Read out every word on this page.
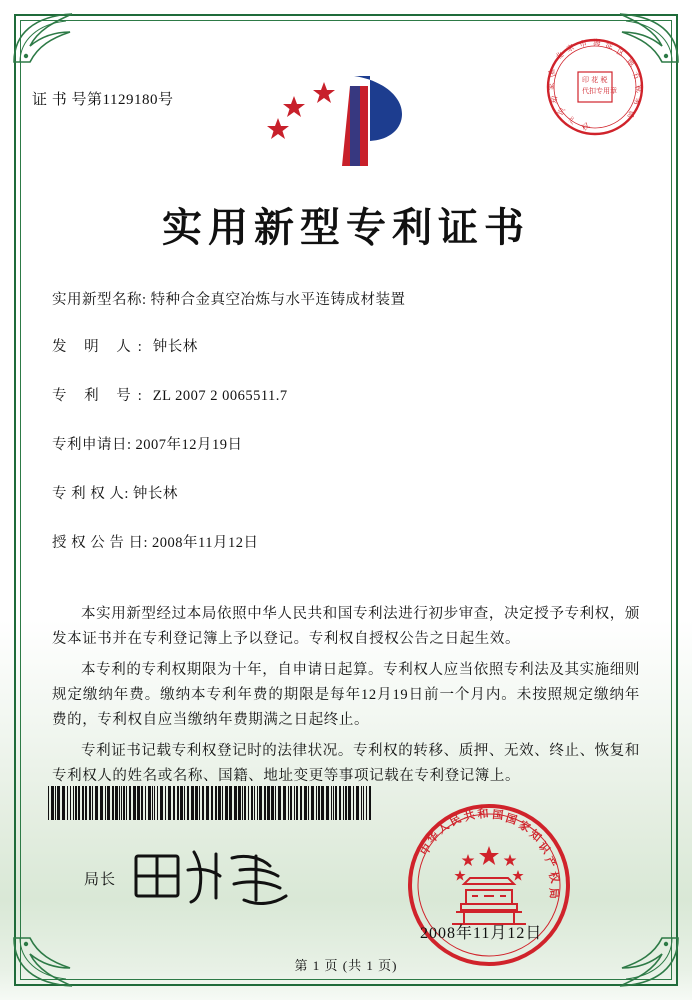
证 书 号第1129180号
印 花 税
代扣专用章
北
京 市 海 淀
区
地
方
税
务
局
国
家
知
识
产
权
实用新型专利证书
实用新型名称: 特种合金真空冶炼与水平连铸成材装置
发 明 人: 钟长林
专 利 号: ZL 2007 2 0065511.7
专利申请日: 2007年12月19日
专 利 权 人: 钟长林
授 权 公 告 日: 2008年11月12日

本实用新型经过本局依照中华人民共和国专利法进行初步审查，决定授予专利权，颁发本证书并在专利登记簿上予以登记。专利权自授权公告之日起生效。

本专利的专利权期限为十年，自申请日起算。专利权人应当依照专利法及其实施细则规定缴纳年费。缴纳本专利年费的期限是每年12月19日前一个月内。未按照规定缴纳年费的，专利权自应当缴纳年费期满之日起终止。

专利证书记载专利权登记时的法律状况。专利权的转移、质押、无效、终止、恢复和专利权人的姓名或名称、国籍、地址变更等事项记载在专利登记簿上。

局长
中
华
人
民 共 和 国 国
家
知
识
产
权
局
2008年11月12日
第 1 页 (共 1 页)
